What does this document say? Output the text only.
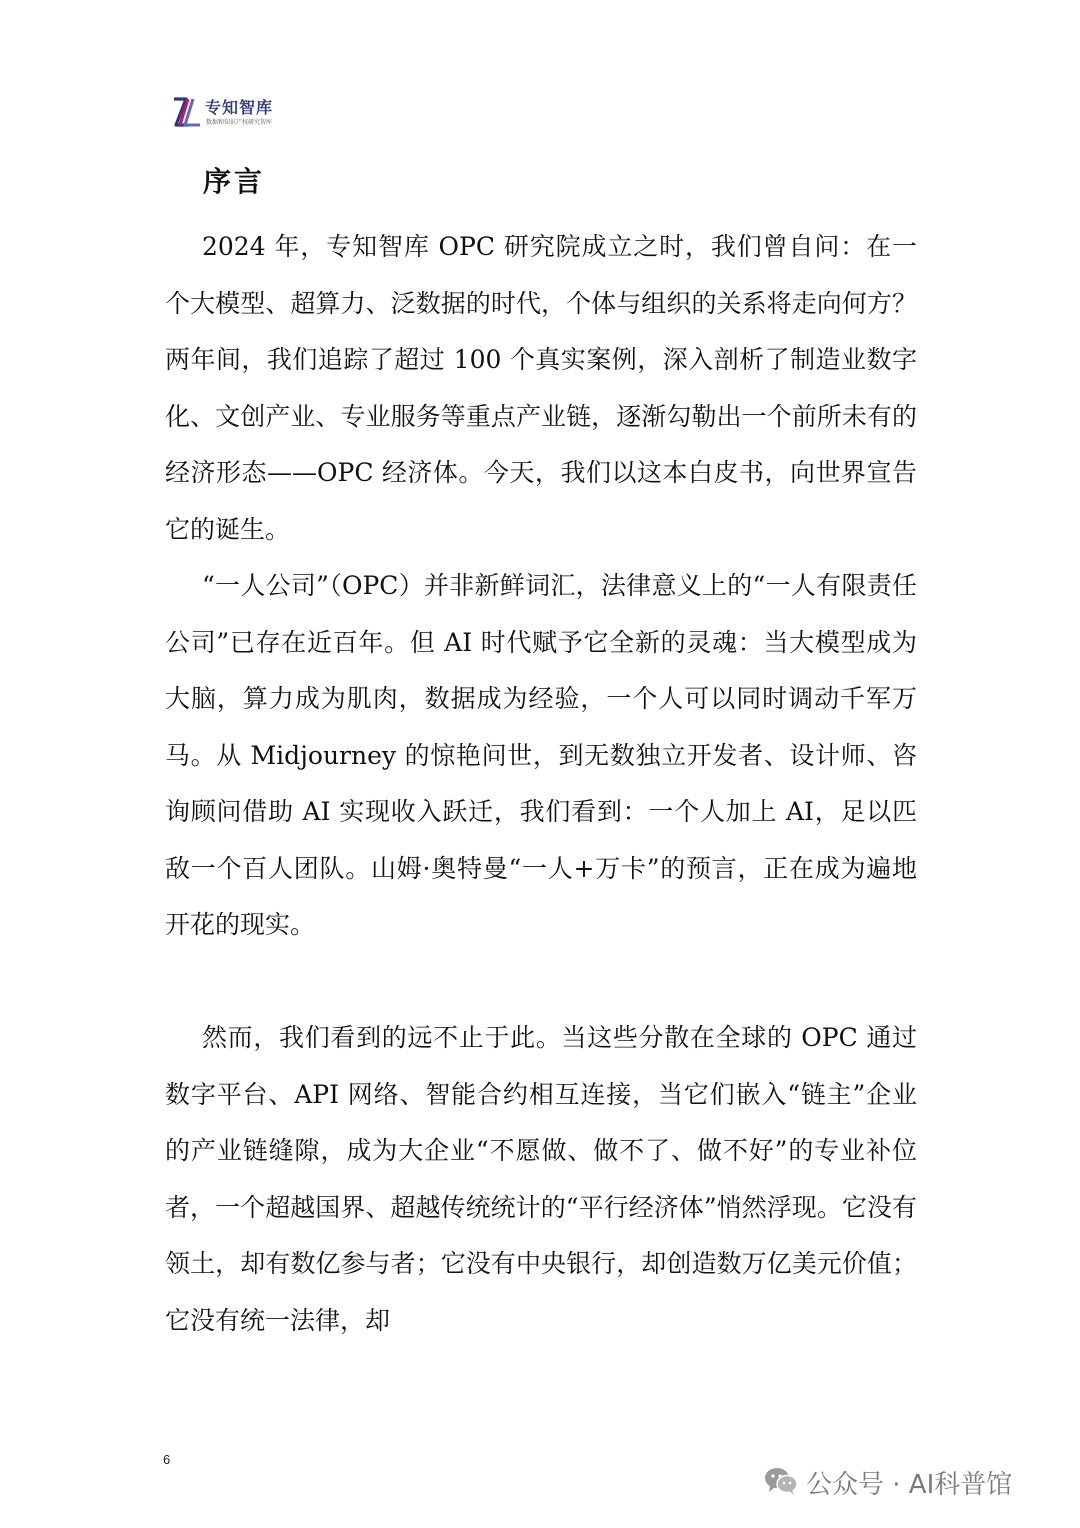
专知智库
数据和知识产权研究智库
序言

2024 年，专知智库 OPC 研究院成立之时，我们曾自问：在一个大模型、超算力、泛数据的时代，个体与组织的关系将走向何方？两年间，我们追踪了超过 100 个真实案例，深入剖析了制造业数字化、文创产业、专业服务等重点产业链，逐渐勾勒出一个前所未有的经济形态——OPC 经济体。今天，我们以这本白皮书，向世界宣告它的诞生。

“一人公司”（OPC）并非新鲜词汇，法律意义上的“一人有限责任公司”已存在近百年。但 AI 时代赋予它全新的灵魂：当大模型成为大脑，算力成为肌肉，数据成为经验，一个人可以同时调动千军万马。从 Midjourney 的惊艳问世，到无数独立开发者、设计师、咨询顾问借助 AI 实现收入跃迁，我们看到：一个人加上 AI，足以匹敌一个百人团队。山姆·奥特曼“一人+万卡”的预言，正在成为遍地开花的现实。

然而，我们看到的远不止于此。当这些分散在全球的 OPC 通过数字平台、API 网络、智能合约相互连接，当它们嵌入“链主”企业的产业链缝隙，成为大企业“不愿做、做不了、做不好”的专业补位者，一个超越国界、超越传统统计的“平行经济体”悄然浮现。它没有领土，却有数亿参与者；它没有中央银行，却创造数万亿美元价值；它没有统一法律，却

6
公众号 · AI科普馆
